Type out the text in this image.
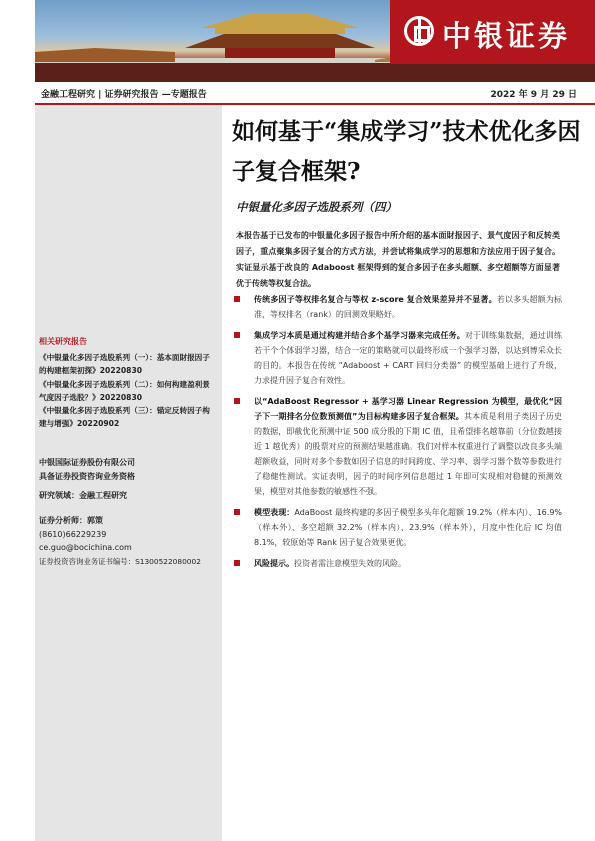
中银证券
金融工程研究 | 证券研究报告 —专题报告	2022 年 9 月 29 日
相关研究报告
《中银量化多因子选股系列（一）：基本面財报因子的构建框架初探》20220830
《中银量化多因子选股系列（二）：如何构建盈利景气度因子选股？》20220830
《中银量化多因子选股系列（三）：锚定反转因子构建与增强》20220902
中银国际证券股份有限公司
具备证券投资咨询业务资格
研究领域：金融工程研究
证券分析师：郭策
(8610)66229239
ce.guo@bocichina.com
证券投资咨询业务证书编号：S1300522080002
如何基于“集成学习”技术优化多因子复合框架?
中银量化多因子选股系列（四）
本报告基于已发布的中银量化多因子报告中所介绍的基本面財报因子、景气度因子和反转类因子，重点聚集多因子复合的方式方法，并尝试将集成学习的思想和方法应用于因子复合。实证显示基于改良的 Adaboost 框架得到的复合多因子在多头超额、多空超额等方面显著优于传统等权复合法。
传统多因子等权排名复合与等权 z-score 复合效果差异并不显著。若以多头超额为标准，等权排名（rank）的回测效果略好。
集成学习本质是通过构建并结合多个基学习器来完成任务。对于训练集数据，通过训练若干个个体弱学习器，结合一定的策略就可以最终形成一个强学习器，以达到博采众长的目的。本报告在传统 “Adaboost + CART 回归分类器” 的模型基础上进行了升级，力求提升因子复合有效性。
以“AdaBoost Regressor + 基学习器 Linear Regression 为模型，最优化“因子下一期排名分位数预测值”为目标构建多因子复合框架。其本质是利用子类因子历史的数据，即截优化预测中证 500 成分股的下期 IC 值，且希望排名越靠前（分位数越接近 1 越优秀）的股票对应的预测结果越准确。我们对样本权重进行了调整以改良多头端超额收益，同时对多个参数如因子信息的时间跨度、学习率、弱学习器个数等参数进行了稳健性测试。实证表明，因子的时间序列信息超过 1 年即可实现相对稳健的预测效果，模型对其他参数的敏感性不强。
模型表现：AdaBoost 最终构建的多因子模型多头年化超额 19.2%（样本内）、16.9%（样本外）、多空超额 32.2%（样本内）、23.9%（样本外），月度中性化后 IC 均值 8.1%，较原始等 Rank 因子复合效果更优。
风险提示。投资者需注意模型失效的风险。
